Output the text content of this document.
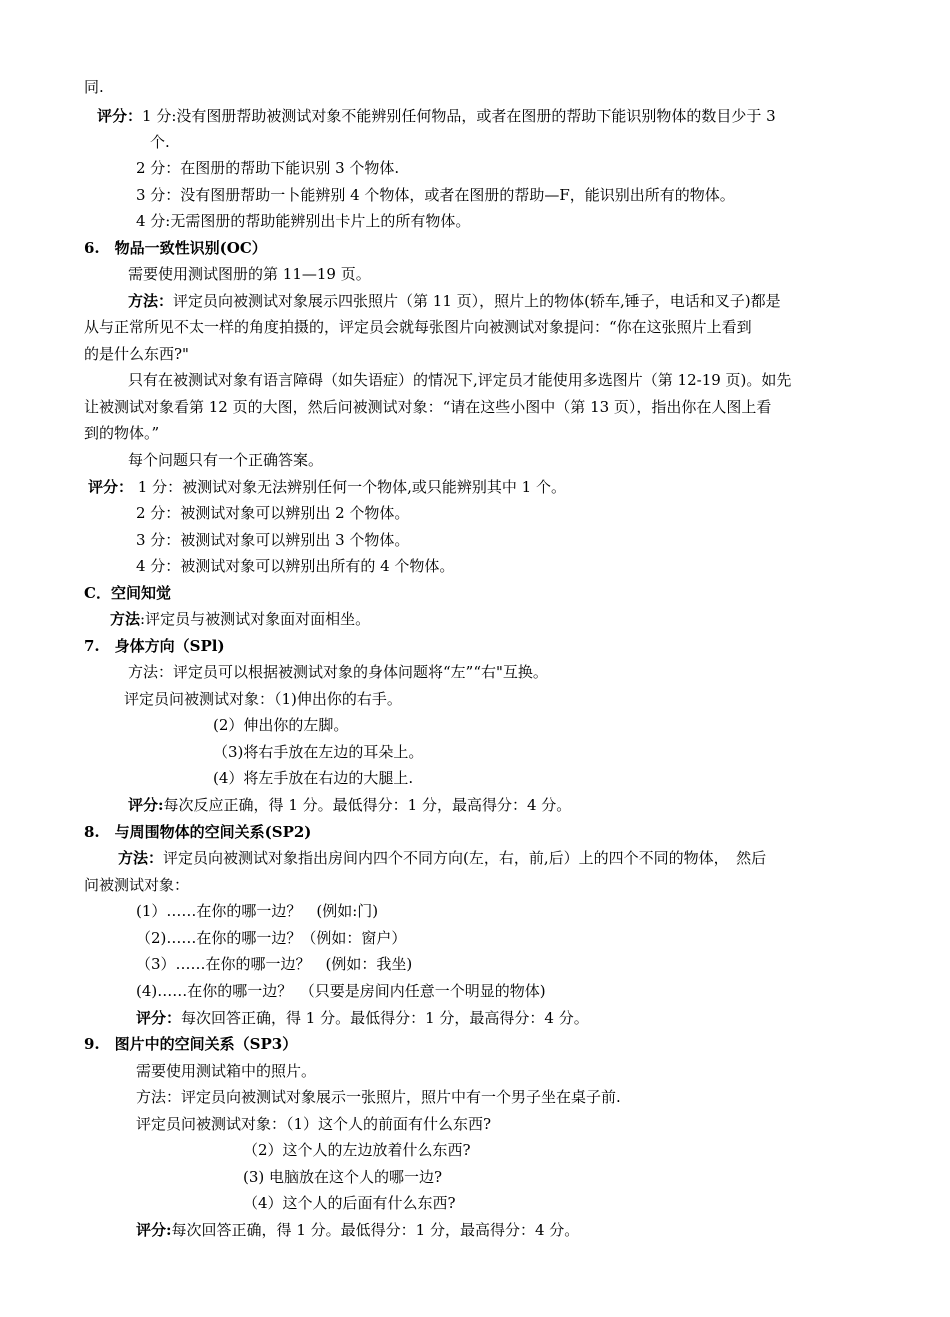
同.
评分：1 分:没有图册帮助被测试对象不能辨别任何物品，或者在图册的帮助下能识别物体的数目少于 3
个.
2 分：在图册的帮助下能识别 3 个物体.
3 分：没有图册帮助一卜能辨别 4 个物体，或者在图册的帮助—F，能识别出所有的物体。
4 分:无需图册的帮助能辨别出卡片上的所有物体。
6.　物品一致性识别(OC）
需要使用测试图册的第 11—19 页。
方法：评定员向被测试对象展示四张照片（第 11 页），照片上的物体(轿车,锤子，电话和叉子)都是
从与正常所见不太一样的角度拍摄的，评定员会就每张图片向被测试对象提问：“你在这张照片上看到
的是什么东西?"
只有在被测试对象有语言障碍（如失语症）的情况下,评定员才能使用多选图片（第 12-19 页)。如先
让被测试对象看第 12 页的大图，然后问被测试对象：“请在这些小图中（第 13 页），指出你在人图上看
到的物体。”
每个问题只有一个正确答案。
评分： 1 分：被测试对象无法辨别任何一个物体,或只能辨别其中 1 个。
2 分：被测试对象可以辨别出 2 个物体。
3 分：被测试对象可以辨别出 3 个物体。
4 分：被测试对象可以辨别出所有的 4 个物体。
C．空间知觉
方法:评定员与被测试对象面对面相坐。
7.　身体方向（SPl)
方法：评定员可以根据被测试对象的身体问题将“左”“右"互换。
评定员问被测试对象：（1)伸出你的右手。
(2）伸出你的左脚。
（3)将右手放在左边的耳朵上。
(4）将左手放在右边的大腿上.
评分:每次反应正确，得 1 分。最低得分：1 分，最高得分：4 分。
8.　与周围物体的空间关系(SP2)
方法：评定员向被测试对象指出房间内四个不同方向(左，右，前,后）上的四个不同的物体，　然后
问被测试对象：
(1）……在你的哪一边？　(例如:门)
（2)……在你的哪一边？（例如：窗户）
（3）……在你的哪一边？　(例如：我坐)
(4)……在你的哪一边？　（只要是房间内任意一个明显的物体)
评分：每次回答正确，得 1 分。最低得分：1 分，最高得分：4 分。
9.　图片中的空间关系（SP3）
需要使用测试箱中的照片。
方法：评定员向被测试对象展示一张照片，照片中有一个男子坐在桌子前.
评定员问被测试对象：（1）这个人的前面有什么东西?
（2）这个人的左边放着什么东西?
(3) 电脑放在这个人的哪一边?
（4）这个人的后面有什么东西?
评分:每次回答正确，得 1 分。最低得分：1 分，最高得分：4 分。
